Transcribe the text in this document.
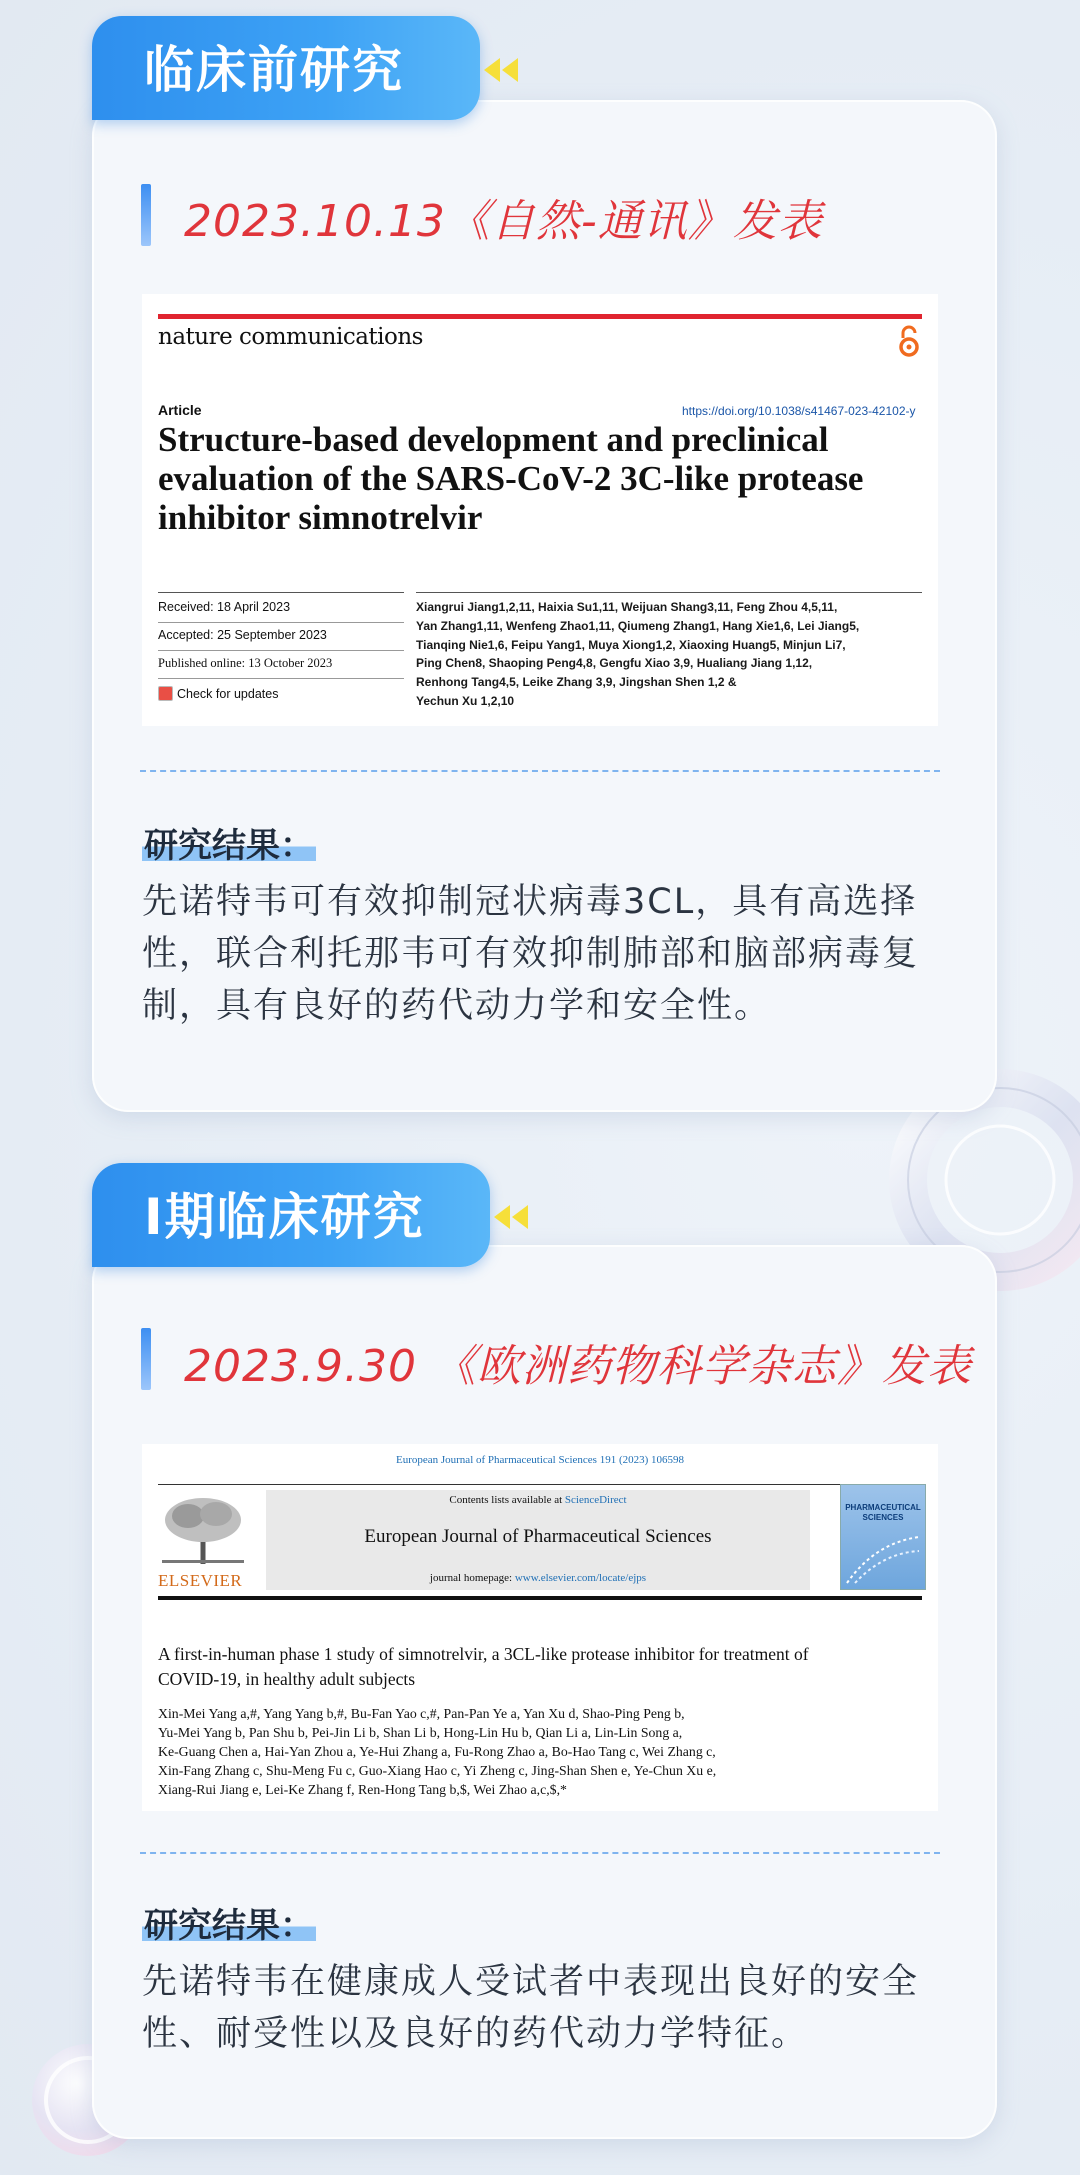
临床前研究
2023.10.13《自然-通讯》发表
nature communications
Article	https://doi.org/10.1038/s41467-023-42102-y
Structure-based development and preclinical evaluation of the SARS-CoV-2 3C-like protease inhibitor simnotrelvir
Received: 18 April 2023
Accepted: 25 September 2023
Published online: 13 October 2023
Check for updates
Xiangrui Jiang1,2,11, Haixia Su1,11, Weijuan Shang3,11, Feng Zhou 4,5,11,
Yan Zhang1,11, Wenfeng Zhao1,11, Qiumeng Zhang1, Hang Xie1,6, Lei Jiang5,
Tianqing Nie1,6, Feipu Yang1, Muya Xiong1,2, Xiaoxing Huang5, Minjun Li7,
Ping Chen8, Shaoping Peng4,8, Gengfu Xiao 3,9, Hualiang Jiang 1,12,
Renhong Tang4,5, Leike Zhang 3,9, Jingshan Shen 1,2 &
Yechun Xu 1,2,10
研究结果：
先诺特韦可有效抑制冠状病毒3CL，具有高选择性，联合利托那韦可有效抑制肺部和脑部病毒复制，具有良好的药代动力学和安全性。
I期临床研究
2023.9.30 《欧洲药物科学杂志》发表
European Journal of Pharmaceutical Sciences 191 (2023) 106598
ELSEVIER
Contents lists available at ScienceDirect
European Journal of Pharmaceutical Sciences
journal homepage: www.elsevier.com/locate/ejps
PHARMACEUTICAL SCIENCES
A first-in-human phase 1 study of simnotrelvir, a 3CL-like protease inhibitor for treatment of COVID-19, in healthy adult subjects
Xin-Mei Yang a,#, Yang Yang b,#, Bu-Fan Yao c,#, Pan-Pan Ye a, Yan Xu d, Shao-Ping Peng b,
Yu-Mei Yang b, Pan Shu b, Pei-Jin Li b, Shan Li b, Hong-Lin Hu b, Qian Li a, Lin-Lin Song a,
Ke-Guang Chen a, Hai-Yan Zhou a, Ye-Hui Zhang a, Fu-Rong Zhao a, Bo-Hao Tang c, Wei Zhang c,
Xin-Fang Zhang c, Shu-Meng Fu c, Guo-Xiang Hao c, Yi Zheng c, Jing-Shan Shen e, Ye-Chun Xu e,
Xiang-Rui Jiang e, Lei-Ke Zhang f, Ren-Hong Tang b,$, Wei Zhao a,c,$,*
研究结果：
先诺特韦在健康成人受试者中表现出良好的安全性、耐受性以及良好的药代动力学特征。
